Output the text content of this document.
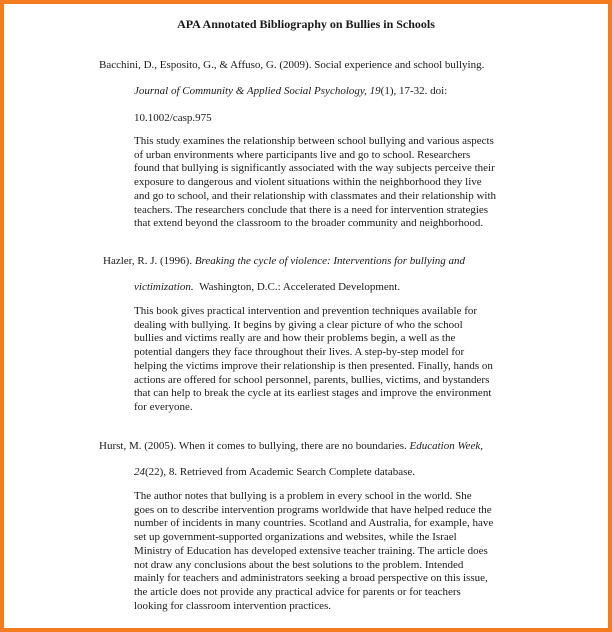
APA Annotated Bibliography on Bullies in Schools
Bacchini, D., Esposito, G., & Affuso, G. (2009). Social experience and school bullying.
Journal of Community & Applied Social Psychology, 19(1), 17-32. doi:
10.1002/casp.975
This study examines the relationship between school bullying and various aspects
of urban environments where participants live and go to school. Researchers
found that bullying is significantly associated with the way subjects perceive their
exposure to dangerous and violent situations within the neighborhood they live
and go to school, and their relationship with classmates and their relationship with
teachers. The researchers conclude that there is a need for intervention strategies
that extend beyond the classroom to the broader community and neighborhood.
Hazler, R. J. (1996). Breaking the cycle of violence: Interventions for bullying and
victimization. Washington, D.C.: Accelerated Development.
This book gives practical intervention and prevention techniques available for
dealing with bullying. It begins by giving a clear picture of who the school
bullies and victims really are and how their problems begin, a well as the
potential dangers they face throughout their lives. A step-by-step model for
helping the victims improve their relationship is then presented. Finally, hands on
actions are offered for school personnel, parents, bullies, victims, and bystanders
that can help to break the cycle at its earliest stages and improve the environment
for everyone.
Hurst, M. (2005). When it comes to bullying, there are no boundaries. Education Week,
24(22), 8. Retrieved from Academic Search Complete database.
The author notes that bullying is a problem in every school in the world. She
goes on to describe intervention programs worldwide that have helped reduce the
number of incidents in many countries. Scotland and Australia, for example, have
set up government-supported organizations and websites, while the Israel
Ministry of Education has developed extensive teacher training. The article does
not draw any conclusions about the best solutions to the problem. Intended
mainly for teachers and administrators seeking a broad perspective on this issue,
the article does not provide any practical advice for parents or for teachers
looking for classroom intervention practices.
